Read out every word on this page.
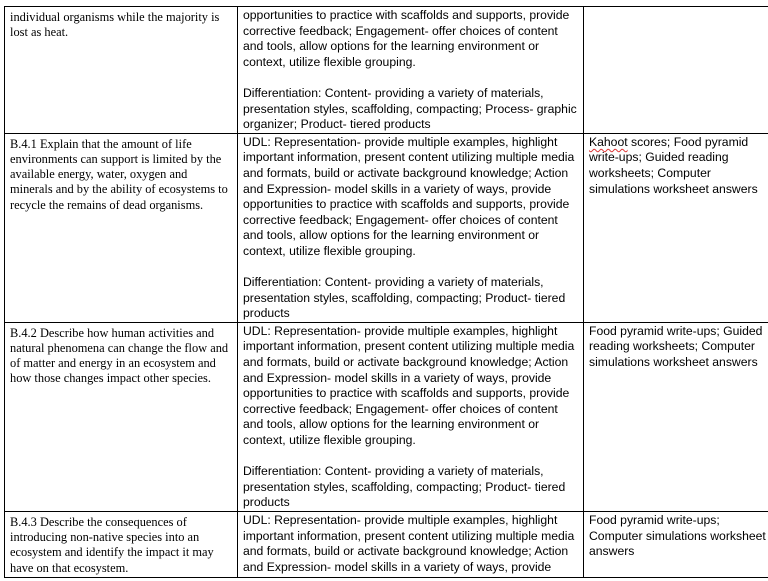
individual organisms while the majority is lost as heat.	opportunities to practice with scaffolds and supports, provide corrective feedback; Engagement- offer choices of content and tools, allow options for the learning environment or context, utilize flexible grouping.

Differentiation: Content- providing a variety of materials, presentation styles, scaffolding, compacting; Process- graphic organizer; Product- tiered products	

B.4.1 Explain that the amount of life environments can support is limited by the available energy, water, oxygen and minerals and by the ability of ecosystems to recycle the remains of dead organisms.	UDL: Representation- provide multiple examples, highlight important information, present content utilizing multiple media and formats, build or activate background knowledge; Action and Expression- model skills in a variety of ways, provide opportunities to practice with scaffolds and supports, provide corrective feedback; Engagement- offer choices of content and tools, allow options for the learning environment or context, utilize flexible grouping.

Differentiation: Content- providing a variety of materials, presentation styles, scaffolding, compacting; Product- tiered products	Kahoot scores; Food pyramid write-ups; Guided reading worksheets; Computer simulations worksheet answers

B.4.2 Describe how human activities and natural phenomena can change the flow and of matter and energy in an ecosystem and how those changes impact other species.	UDL: Representation- provide multiple examples, highlight important information, present content utilizing multiple media and formats, build or activate background knowledge; Action and Expression- model skills in a variety of ways, provide opportunities to practice with scaffolds and supports, provide corrective feedback; Engagement- offer choices of content and tools, allow options for the learning environment or context, utilize flexible grouping.

Differentiation: Content- providing a variety of materials, presentation styles, scaffolding, compacting; Product- tiered products	Food pyramid write-ups; Guided reading worksheets; Computer simulations worksheet answers

B.4.3 Describe the consequences of introducing non-native species into an ecosystem and identify the impact it may have on that ecosystem.	UDL: Representation- provide multiple examples, highlight important information, present content utilizing multiple media and formats, build or activate background knowledge; Action and Expression- model skills in a variety of ways, provide	Food pyramid write-ups; Computer simulations worksheet answers
